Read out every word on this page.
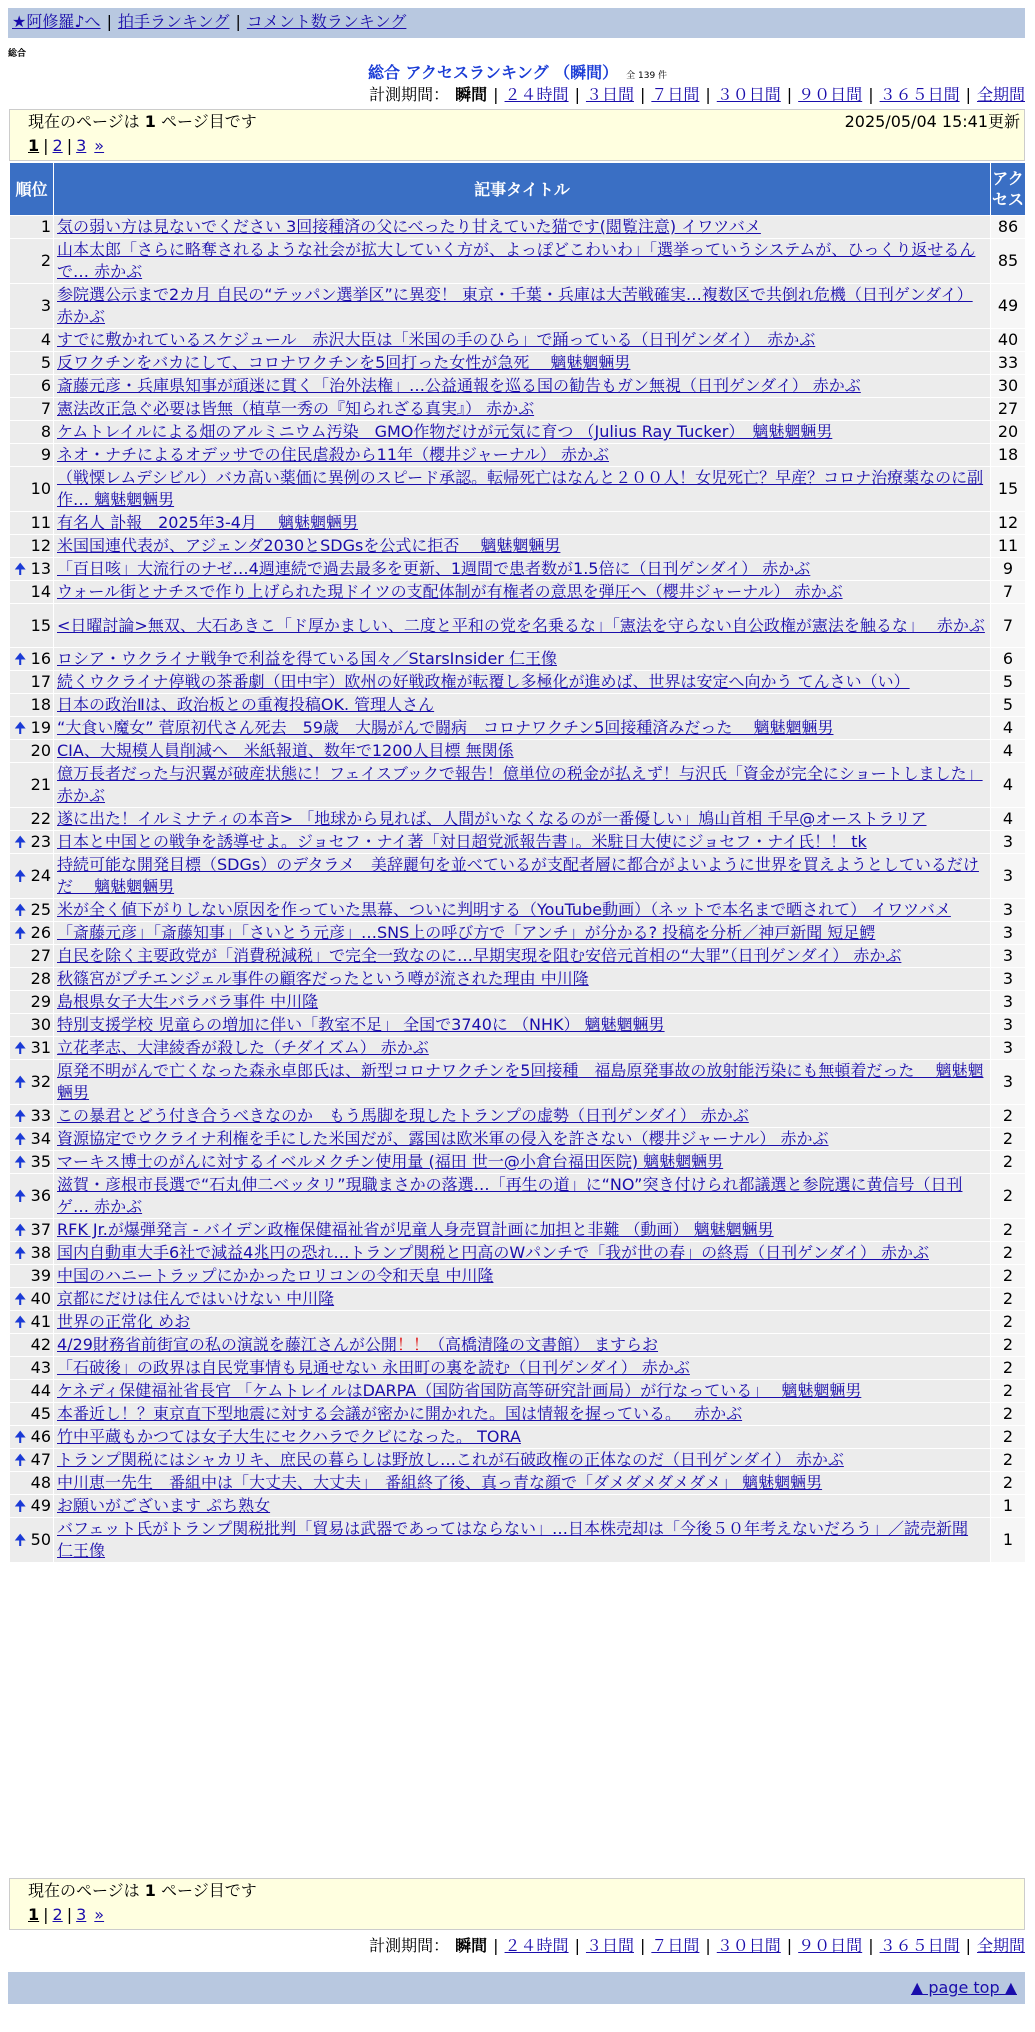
★阿修羅♪へ | 拍手ランキング | コメント数ランキング
総合
総合 アクセスランキング （瞬間） 全 139 件
計測期間： 瞬間 | ２４時間 | ３日間 | ７日間 | ３０日間 | ９０日間 | ３６５日間 | 全期間
現在のページは 1 ページ目です	2025/05/04 15:41更新
1 | 2 | 3 »
順位	記事タイトル	アクセス
1	気の弱い方は見ないでください 3回接種済の父にべったり甘えていた猫です(閲覧注意) イワツバメ	86
2	山本太郎「さらに略奪されるような社会が拡大していく方が、よっぽどこわいわ」「選挙っていうシステムが、ひっくり返せるんで… 赤かぶ	85
3	参院選公示まで2カ月 自民の“テッパン選挙区”に異変！ 東京・千葉・兵庫は大苦戦確実…複数区で共倒れ危機（日刊ゲンダイ） 赤かぶ	49
4	すでに敷かれているスケジュール　赤沢大臣は「米国の手のひら」で踊っている（日刊ゲンダイ）　赤かぶ	40
5	反ワクチンをバカにして、コロナワクチンを5回打った女性が急死　 魑魅魍魎男	33
6	斎藤元彦・兵庫県知事が頑迷に貫く「治外法権」…公益通報を巡る国の勧告もガン無視（日刊ゲンダイ） 赤かぶ	30
7	憲法改正急ぐ必要は皆無（植草一秀の『知られざる真実』） 赤かぶ	27
8	ケムトレイルによる畑のアルミニウム汚染　GMO作物だけが元気に育つ （Julius Ray Tucker）　魑魅魍魎男	20
9	ネオ・ナチによるオデッサでの住民虐殺から11年（櫻井ジャーナル） 赤かぶ	18
10	（戦慄レムデシビル）バカ高い薬価に異例のスピード承認。転帰死亡はなんと２００人！女児死亡？早産？コロナ治療薬なのに副作… 魑魅魍魎男	15
11	有名人 訃報　2025年3-4月　 魑魅魍魎男	12
12	米国国連代表が、アジェンダ2030とSDGsを公式に拒否　 魑魅魍魎男	11

🠉 13	「百日咳」大流行のナゼ…4週連続で過去最多を更新、1週間で患者数が1.5倍に（日刊ゲンダイ） 赤かぶ	9
14	ウォール街とナチスで作り上げられた現ドイツの支配体制が有権者の意思を弾圧へ（櫻井ジャーナル） 赤かぶ	7
15	<日曜討論>無双、大石あきこ「ド厚かましい、二度と平和の党を名乗るな」「憲法を守らない自公政権が憲法を触るな」　 赤かぶ	7

🠉 16	ロシア・ウクライナ戦争で利益を得ている国々／StarsInsider 仁王像	6
17	続くウクライナ停戦の茶番劇（田中宇）欧州の好戦政権が転覆し多極化が進めば、世界は安定へ向かう てんさい（い）	5
18	日本の政治Ⅱは、政治板との重複投稿OK. 管理人さん	5

🠉 19	“大食い魔女” 菅原初代さん死去　59歳　大腸がんで闘病　コロナワクチン5回接種済みだった　 魑魅魍魎男	4
20	CIA、大規模人員削減へ　米紙報道、数年で1200人目標 無関係	4
21	億万長者だった与沢翼が破産状態に！フェイスブックで報告！億単位の税金が払えず！与沢氏「資金が完全にショートしました」 赤かぶ	4
22	遂に出た！イルミナティの本音> 「地球から見れば、人間がいなくなるのが一番優しい」鳩山首相 千早@オーストラリア	4

🠉 23	日本と中国との戦争を誘導せよ。ジョセフ・ナイ著「対日超党派報告書」。米駐日大使にジョセフ・ナイ氏！！ tk	3

🠉 24	持続可能な開発目標（SDGs）のデタラメ　美辞麗句を並べているが支配者層に都合がよいように世界を買えようとしているだけだ　 魑魅魍魎男	3

🠉 25	米が全く値下がりしない原因を作っていた黒幕、ついに判明する（YouTube動画）（ネットで本名まで晒されて） イワツバメ	3

🠉 26	「斎藤元彦」「斎藤知事」「さいとう元彦」…SNS上の呼び方で「アンチ」が分かる? 投稿を分析／神戸新聞 短足鰐	3
27	自民を除く主要政党が「消費税減税」で完全一致なのに…早期実現を阻む安倍元首相の“大罪”（日刊ゲンダイ） 赤かぶ	3
28	秋篠宮がプチエンジェル事件の顧客だったという噂が流された理由 中川隆	3
29	島根県女子大生バラバラ事件 中川隆	3
30	特別支援学校 児童らの増加に伴い「教室不足」 全国で3740に （NHK） 魑魅魍魎男	3

🠉 31	立花孝志、大津綾香が殺した（チダイズム） 赤かぶ	3

🠉 32	原発不明がんで亡くなった森永卓郎氏は、新型コロナワクチンを5回接種　福島原発事故の放射能汚染にも無頓着だった　 魑魅魍魎男	3

🠉 33	この暴君とどう付き合うべきなのか　もう馬脚を現したトランプの虚勢（日刊ゲンダイ） 赤かぶ	2

🠉 34	資源協定でウクライナ利権を手にした米国だが、露国は欧米軍の侵入を許さない（櫻井ジャーナル） 赤かぶ	2

🠉 35	マーキス博士のがんに対するイベルメクチン使用量 (福田 世一@小倉台福田医院) 魑魅魍魎男	2

🠉 36	滋賀・彦根市長選で“石丸伸二ベッタリ”現職まさかの落選…「再生の道」に“NO”突き付けられ都議選と参院選に黄信号（日刊ゲ… 赤かぶ	2

🠉 37	RFK Jr.が爆弾発言 - バイデン政権保健福祉省が児童人身売買計画に加担と非難 （動画） 魑魅魍魎男	2

🠉 38	国内自動車大手6社で減益4兆円の恐れ…トランプ関税と円高のWパンチで「我が世の春」の終焉（日刊ゲンダイ） 赤かぶ	2
39	中国のハニートラップにかかったロリコンの令和天皇 中川隆	2

🠉 40	京都にだけは住んではいけない 中川隆	2

🠉 41	世界の正常化 めお	2
42	4/29財務省前街宣の私の演説を藤江さんが公開！！（高橋清隆の文書館） ますらお	2
43	「石破後」の政界は自民党事情も見通せない 永田町の裏を読む（日刊ゲンダイ） 赤かぶ	2
44	ケネディ保健福祉省長官 「ケムトレイルはDARPA（国防省国防高等研究計画局）が行なっている」　 魑魅魍魎男	2
45	本番近し！？東京直下型地震に対する会議が密かに開かれた。国は情報を握っている。　 赤かぶ	2

🠉 46	竹中平蔵もかつては女子大生にセクハラでクビになった。 TORA	2

🠉 47	トランプ関税にはシャカリキ、庶民の暮らしは野放し…これが石破政権の正体なのだ（日刊ゲンダイ） 赤かぶ	2
48	中川恵一先生　番組中は「大丈夫、大丈夫」　番組終了後、真っ青な顔で「ダメダメダメダメ」 魑魅魍魎男	2

🠉 49	お願いがございます ぷち熟女	1

🠉 50	バフェット氏がトランプ関税批判「貿易は武器であってはならない」…日本株売却は「今後５０年考えないだろう」／読売新聞 仁王像	1
現在のページは 1 ページ目です
1 | 2 | 3 »
計測期間： 瞬間 | ２４時間 | ３日間 | ７日間 | ３０日間 | ９０日間 | ３６５日間 | 全期間
▲ page top ▲
